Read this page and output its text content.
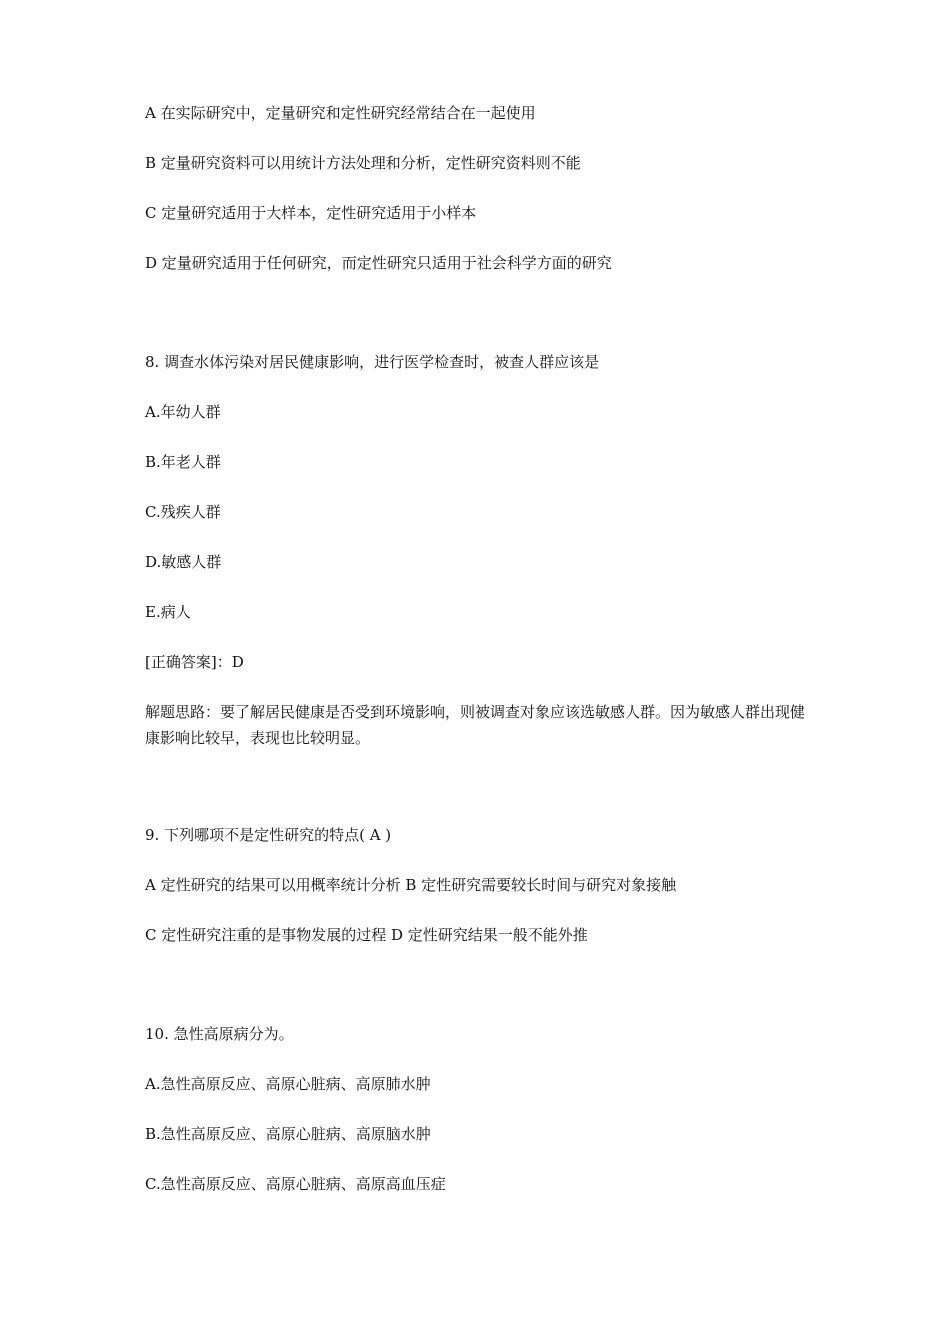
A 在实际研究中，定量研究和定性研究经常结合在一起使用
B 定量研究资料可以用统计方法处理和分析，定性研究资料则不能
C 定量研究适用于大样本，定性研究适用于小样本
D 定量研究适用于任何研究，而定性研究只适用于社会科学方面的研究
8. 调查水体污染对居民健康影响，进行医学检查时，被查人群应该是
A.年幼人群
B.年老人群
C.残疾人群
D.敏感人群
E.病人
[正确答案]：D
解题思路：要了解居民健康是否受到环境影响，则被调查对象应该选敏感人群。因为敏感人群出现健康影响比较早，表现也比较明显。
9. 下列哪项不是定性研究的特点( A )
A 定性研究的结果可以用概率统计分析 B 定性研究需要较长时间与研究对象接触
C 定性研究注重的是事物发展的过程 D 定性研究结果一般不能外推
10. 急性高原病分为。
A.急性高原反应、高原心脏病、高原肺水肿
B.急性高原反应、高原心脏病、高原脑水肿
C.急性高原反应、高原心脏病、高原高血压症
